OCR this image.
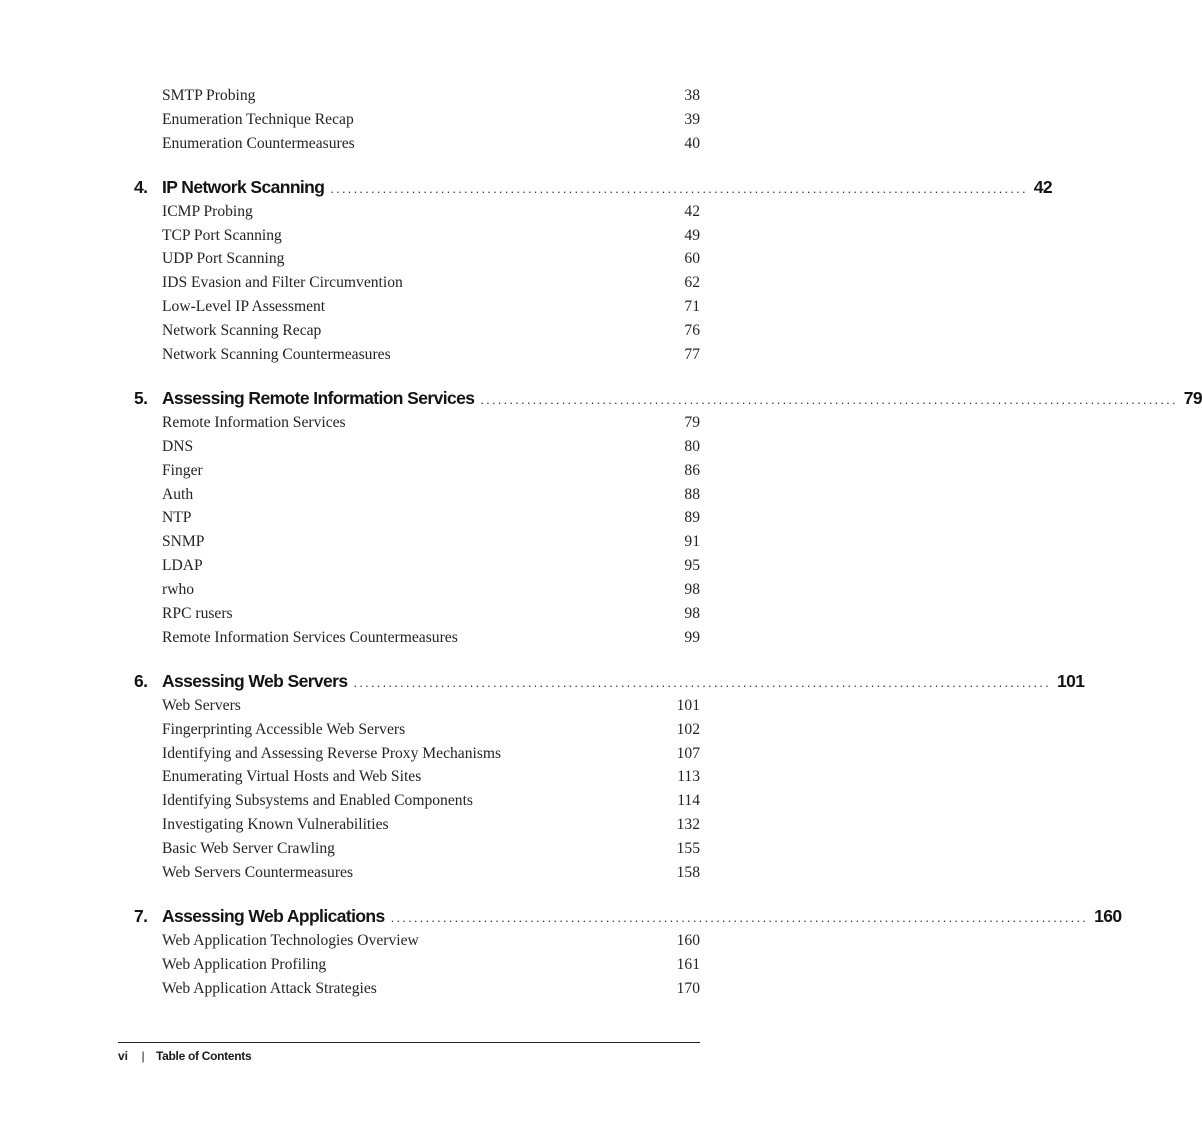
SMTP Probing	38
Enumeration Technique Recap	39
Enumeration Countermeasures	40
4. IP Network Scanning ........................................................................................................................ 42
ICMP Probing	42
TCP Port Scanning	49
UDP Port Scanning	60
IDS Evasion and Filter Circumvention	62
Low-Level IP Assessment	71
Network Scanning Recap	76
Network Scanning Countermeasures	77
5. Assessing Remote Information Services ........................................................................................................................ 79
Remote Information Services	79
DNS	80
Finger	86
Auth	88
NTP	89
SNMP	91
LDAP	95
rwho	98
RPC rusers	98
Remote Information Services Countermeasures	99
6. Assessing Web Servers ........................................................................................................................ 101
Web Servers	101
Fingerprinting Accessible Web Servers	102
Identifying and Assessing Reverse Proxy Mechanisms	107
Enumerating Virtual Hosts and Web Sites	113
Identifying Subsystems and Enabled Components	114
Investigating Known Vulnerabilities	132
Basic Web Server Crawling	155
Web Servers Countermeasures	158
7. Assessing Web Applications ........................................................................................................................ 160
Web Application Technologies Overview	160
Web Application Profiling	161
Web Application Attack Strategies	170
vi | Table of Contents
